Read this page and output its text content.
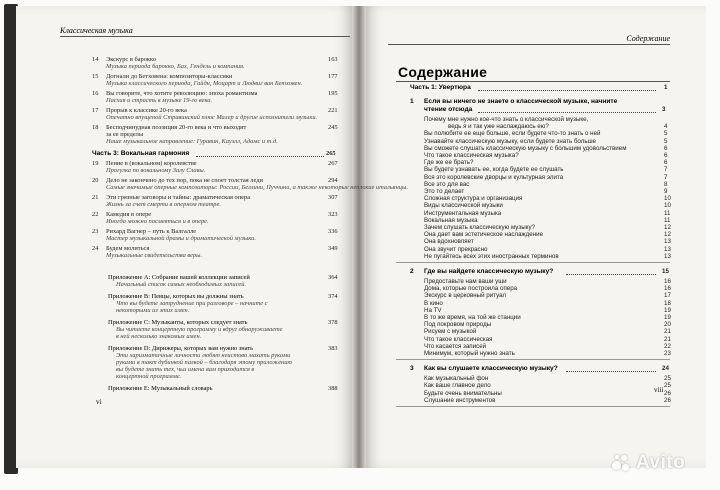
Классическая музыка
Содержание
14 Экскурс в барокко	163
Музыка периода барокко, Бах, Гендель и компания.
15 Догнали до Бетховена: композиторы-классики	177
Музыка классического периода, Гайдн, Моцарт и Людвиг ван Бетховен.
16 Вы говорите, что хотите революцию: эпоха романтизма	195
Пасхия и страсть в музыке 19-го века.
17 Прорыв к классике 20-го века	221
Опечатно впущеной Стравинский плюс Малер и другие исполнители музыки.
18 Бесподчинудная поэзиция 20-го века и что выходит	245
за ее пределы
Наше музыкальное направление: Гуравин, Кауэлл, Адамс и т.д.
Часть 3: Вокальная гармония	265
19 Пение в (вокальном) королевстве	267
Прогулка по вокальному Залу Славы.
20 Дело не закончено до тех пор, пока не споет толстая леди	294
Самые значимые оперные композиторы: России, Беллини, Пуччини, а также некоторые неплохие итальянцы.
21 Эти грязные заговоры и тайны: драматическая опера	307
Жизнь за счет смерти в оперном театре.
22 Камедия в опере	323
Иногда можно посмеяться и в опере.
23 Рихард Вагнер – путь к Валгалле	336
Мастер музыкальной драмы и драматической музыки.
24 Будем молиться	349
Музыкальные свидетельства веры.
Приложение А: Собрание вашей коллекции записей	364
Начальный список самых необходимых записей.
Приложение В: Певцы, которых вы должны знать	374
Что вы будете затруднение при разговоре – начните с
некоторыми из этих имен.
Приложение С: Музыканты, которых следует знать	378
Вы читаете концертную программу и вдруг обнаруживаете
в ней несколько знакомых имен.
Приложение D: Дирижеры, которых вам нужно знать	383
Эти харизматичные личности любят неистово махать руками
руками в такт дубинкой палкой – благодаря этому приложению
вы будете знать тех, чьи имена вам приходится в
концертной программе.
Приложение Е: Музыкальный словарь	388
vi
Содержание
Часть 1: Увертюра	1
1 Если вы ничего не знаете о классической музыке, начните
чтение отсюда	3
Почему мне нужно кое-что знать о классической музыке,
ведь я и так уже наслаждаюсь ею?	4
Вы полюбите ее еще больше, если будете что-то знать о ней	5
Узнавайте классическую музыку, если будете знать больше	5
Вы сможете слушать классическую музыку с большим удовольствием	6
Что такое классическая музыка?	6
Где же ее брать?	6
Вы будете узнавать ее, когда будете ее слушать	7
Вся это королевские дворцы и культурная элита	7
Все это для вас	8
Это то делает	9
Сложная структура и организация	10
Виды классической музыки	10
Инструментальная музыка	11
Вокальная музыка	11
Зачем слушать классическую музыку?	12
Она дает вам эстетическое наслаждение	12
Она вдохновляет	13
Она звучит прекрасно	13
Не пугайтесь всех этих иностранных терминов	13
2 Где вы найдете классическую музыку?	15
Предоставьте нам ваши уши	16
Дома, которые построила опера	16
Экскурс в церковный ритуал	17
В кино	18
На TV	19
В то же время, на той же станции	19
Под покровом природы	20
Рисуем с музыкой	21
Что такое классическая	21
Что касается записей	22
Минимум, который нужно знать	23
3 Как вы слушаете классическую музыку?	24
Как музыкальный фон	25
Как ваше главное дело	25
Будьте очень внимательны	26
Слушание инструментов	26
viii
Avito
